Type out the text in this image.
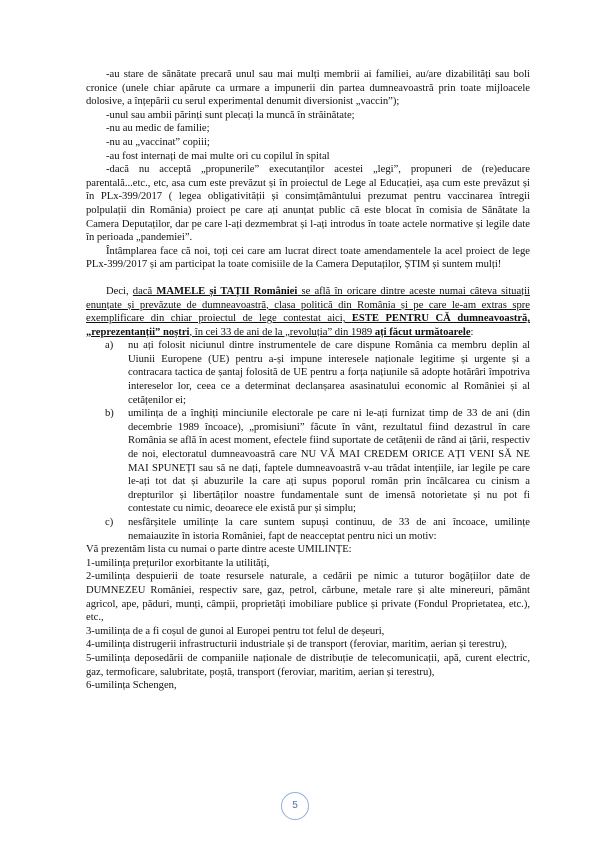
-au stare de sănătate precară unul sau mai mulți membrii ai familiei, au/are dizabilități sau boli cronice (unele chiar apărute ca urmare a impunerii din partea dumneavoastră prin toate mijloacele dolosive, a înțepării cu serul experimental denumit diversionist „vaccin”);

-unul sau ambii părinți sunt plecați la muncă în străinătate;

-nu au medic de familie;

-nu au „vaccinat” copiii;

-au fost internați de mai multe ori cu copilul în spital

-dacă nu acceptă „propunerile” executanților acestei „legi”, propuneri de (re)educare parentală...etc., etc, asa cum este prevăzut și în proiectul de Lege al Educației, așa cum este prevăzut și în PLx-399/2017 ( legea obligativității și consimțământului prezumat pentru vaccinarea întregii polpulații din România) proiect pe care ați anunțat public că este blocat în comisia de Sănătate la Camera Deputaților, dar pe care l-ați dezmembrat și l-ați introdus în toate actele normative și legile date în perioada „pandemiei”.

Întâmplarea face că noi, toți cei care am lucrat direct toate amendamentele la acel proiect de lege PLx-399/2017 și am participat la toate comisiile de la Camera Deputaților, ȘTIM și suntem mulți!

Deci, dacă MAMELE și TAȚII României se află în oricare dintre aceste numai câteva situații enunțate și prevăzute de dumneavoastră, clasa politică din România și pe care le-am extras spre exemplificare din chiar proiectul de lege contestat aici, ESTE PENTRU CĂ dumneavoastră, „reprezentanții” noștri, în cei 33 de ani de la „revoluția” din 1989 ați făcut următoarele:

a) nu ați folosit niciunul dintre instrumentele de care dispune România ca membru deplin al Uiunii Europene (UE) pentru a-și impune interesele naționale legitime și urgente și a contracara tactica de șantaj folosită de UE pentru a forța națiunile să adopte hotărâri împotriva intereselor lor, ceea ce a determinat declanșarea asasinatului economic al României și al cetățenilor ei;
b) umilința de a înghiți minciunile electorale pe care ni le-ați furnizat timp de 33 de ani (din decembrie 1989 încoace), „promisiuni” făcute în vânt, rezultatul fiind dezastrul în care România se află în acest moment, efectele fiind suportate de cetățenii de rând ai țării, respectiv de noi, electoratul dumneavoastră care NU VĂ MAI CREDEM ORICE AȚI VENI SĂ NE MAI SPUNEȚI sau să ne dați, faptele dumneavoastră v-au trădat intențiile, iar legile pe care le-ați tot dat și abuzurile la care ați supus poporul român prin încălcarea cu cinism a drepturilor și libertăților noastre fundamentale sunt de imensă notorietate și nu pot fi contestate cu nimic, deoarece ele există pur și simplu;
c) nesfârșitele umilințe la care suntem supuși continuu, de 33 de ani încoace, umilințe nemaiauzite în istoria României, fapt de neacceptat pentru nici un motiv:

Vă prezentăm lista cu numai o parte dintre aceste UMILINȚE:

1-umilința prețurilor exorbitante la utilități,

2-umilința despuierii de toate resursele naturale, a cedării pe nimic a tuturor bogățiilor date de DUMNEZEU României, respectiv sare, gaz, petrol, cărbune, metale rare și alte minereuri, pământ agricol, ape, păduri, munți, câmpii, proprietăți imobiliare publice și private (Fondul Proprietatea, etc.), etc.,

3-umilința de a fi coșul de gunoi al Europei pentru tot felul de deșeuri,

4-umilința distrugerii infrastructurii industriale și de transport (feroviar, maritim, aerian și terestru),

5-umilința deposedării de companiile naționale de distribuție de telecomunicații, apă, curent electric, gaz, termoficare, salubritate, poștă, transport (feroviar, maritim, aerian și terestru),

6-umilința Schengen,

5
